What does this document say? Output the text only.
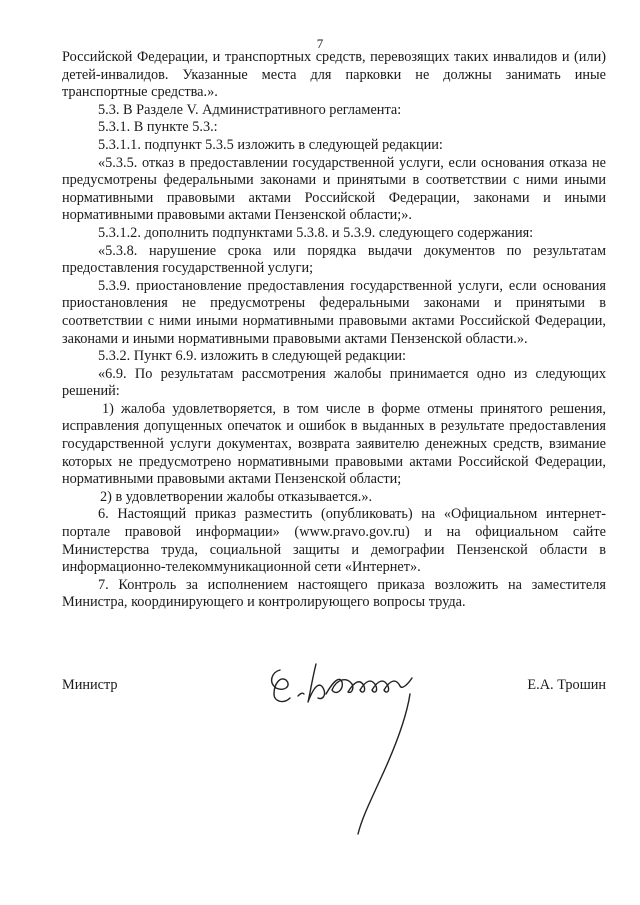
7

Российской Федерации, и транспортных средств, перевозящих таких инвалидов и (или) детей-инвалидов. Указанные места для парковки не должны занимать иные транспортные средства.».

5.3. В Разделе V. Административного регламента:

5.3.1. В пункте 5.3.:

5.3.1.1. подпункт 5.3.5 изложить в следующей редакции:

«5.3.5. отказ в предоставлении государственной услуги, если основания отказа не предусмотрены федеральными законами и принятыми в соответствии с ними иными нормативными правовыми актами Российской Федерации, законами и иными нормативными правовыми актами Пензенской области;».

5.3.1.2. дополнить подпунктами 5.3.8. и 5.3.9. следующего содержания:

«5.3.8. нарушение срока или порядка выдачи документов по результатам предоставления государственной услуги;

5.3.9. приостановление предоставления государственной услуги, если основания приостановления не предусмотрены федеральными законами и принятыми в соответствии с ними иными нормативными правовыми актами Российской Федерации, законами и иными нормативными правовыми актами Пензенской области.».

5.3.2. Пункт 6.9. изложить в следующей редакции:

«6.9. По результатам рассмотрения жалобы принимается одно из следующих решений:

1) жалоба удовлетворяется, в том числе в форме отмены принятого решения, исправления допущенных опечаток и ошибок в выданных в результате предоставления государственной услуги документах, возврата заявителю денежных средств, взимание которых не предусмотрено нормативными правовыми актами Российской Федерации, нормативными правовыми актами Пензенской области;

2) в удовлетворении жалобы отказывается.».

6. Настоящий приказ разместить (опубликовать) на «Официальном интернет-портале правовой информации» (www.pravo.gov.ru) и на официальном сайте Министерства труда, социальной защиты и демографии Пензенской области в информационно-телекоммуникационной сети «Интернет».

7. Контроль за исполнением настоящего приказа возложить на заместителя Министра, координирующего и контролирующего вопросы труда.

Министр	Е.А. Трошин
